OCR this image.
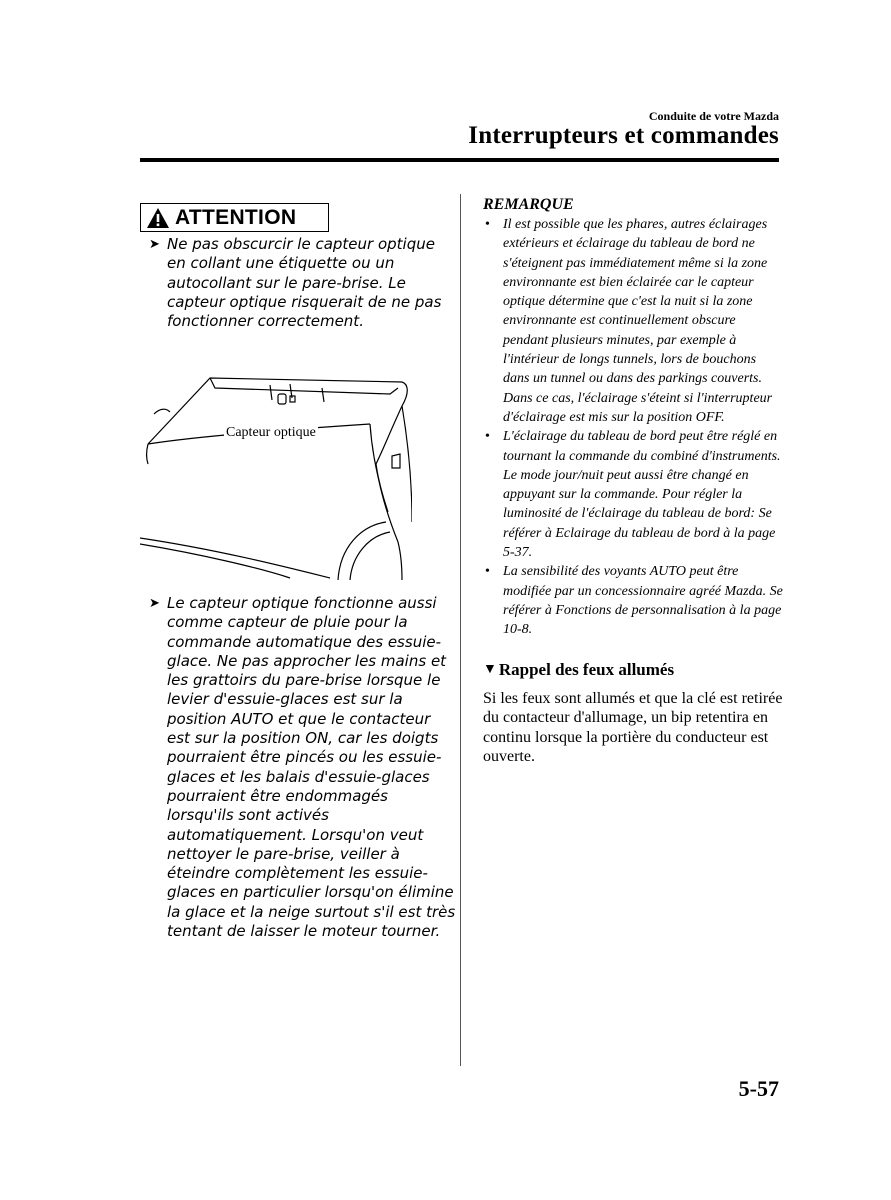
Conduite de votre Mazda
Interrupteurs et commandes
ATTENTION
➤ Ne pas obscurcir le capteur optique en collant une étiquette ou un autocollant sur le pare-brise. Le capteur optique risquerait de ne pas fonctionner correctement.

Capteur optique
➤ Le capteur optique fonctionne aussi comme capteur de pluie pour la commande automatique des essuie-glace. Ne pas approcher les mains et les grattoirs du pare-brise lorsque le levier d'essuie-glaces est sur la position AUTO et que le contacteur est sur la position ON, car les doigts pourraient être pincés ou les essuie-glaces et les balais d'essuie-glaces pourraient être endommagés lorsqu'ils sont activés automatiquement. Lorsqu'on veut nettoyer le pare-brise, veiller à éteindre complètement les essuie-glaces en particulier lorsqu'on élimine la glace et la neige surtout s'il est très tentant de laisser le moteur tourner.

REMARQUE
• Il est possible que les phares, autres éclairages extérieurs et éclairage du tableau de bord ne s'éteignent pas immédiatement même si la zone environnante est bien éclairée car le capteur optique détermine que c'est la nuit si la zone environnante est continuellement obscure pendant plusieurs minutes, par exemple à l'intérieur de longs tunnels, lors de bouchons dans un tunnel ou dans des parkings couverts.
Dans ce cas, l'éclairage s'éteint si l'interrupteur d'éclairage est mis sur la position OFF.
• L'éclairage du tableau de bord peut être réglé en tournant la commande du combiné d'instruments. Le mode jour/nuit peut aussi être changé en appuyant sur la commande. Pour régler la luminosité de l'éclairage du tableau de bord: Se référer à Eclairage du tableau de bord à la page 5-37.
• La sensibilité des voyants AUTO peut être modifiée par un concessionnaire agréé Mazda. Se référer à Fonctions de personnalisation à la page 10-8.
▼ Rappel des feux allumés
Si les feux sont allumés et que la clé est retirée du contacteur d'allumage, un bip retentira en continu lorsque la portière du conducteur est ouverte.
5-57
